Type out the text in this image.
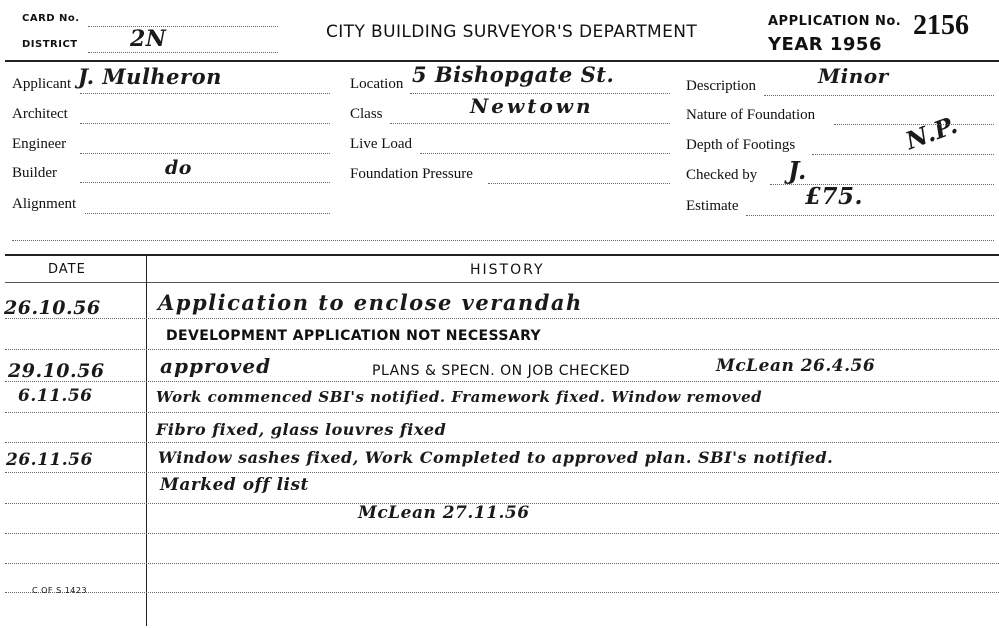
CARD No.
DISTRICT 2N	CITY BUILDING SURVEYOR'S DEPARTMENT
APPLICATION No. 2156
YEAR 1956
Applicant J. Mulheron
Architect
Engineer
Builder	do
Alignment
Location 5 Bishopgate St.
Class	Newtown
Live Load
Foundation Pressure
Description	Minor
Nature of Foundation
Depth of Footings	N.P.
Checked by J.
Estimate	£75.
DATE	HISTORY
26.10.56	Application to enclose verandah
DEVELOPMENT APPLICATION NOT NECESSARY
29.10.56	approved	PLANS & SPECN. ON JOB CHECKED	McLean 26.4.56
6.11.56	Work commenced SBI's notified. Framework fixed. Window removed
Fibro fixed, glass louvres fixed
26.11.56	Window sashes fixed, Work Completed to approved plan. SBI's notified.
Marked off list
McLean 27.11.56
C OF S 1423
